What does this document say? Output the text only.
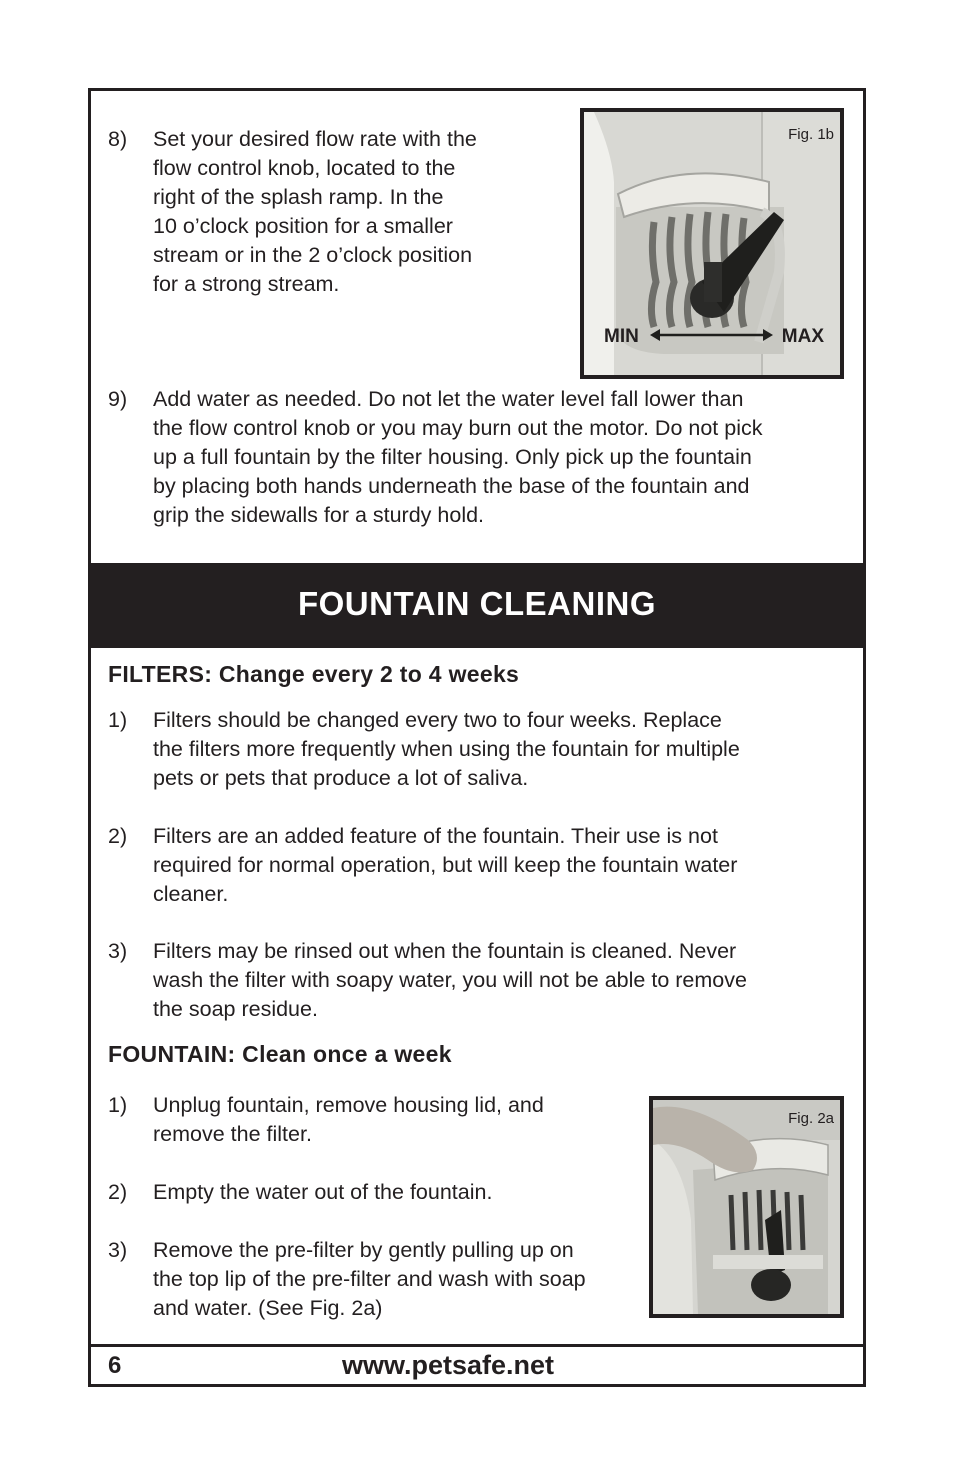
8) Set your desired flow rate with the
flow control knob, located to the
right of the splash ramp. In the
10 o’clock position for a smaller
stream or in the 2 o’clock position
for a strong stream.
Fig. 1b
MIN	MAX
9) Add water as needed. Do not let the water level fall lower than
the flow control knob or you may burn out the motor. Do not pick
up a full fountain by the filter housing. Only pick up the fountain
by placing both hands underneath the base of the fountain and
grip the sidewalls for a sturdy hold.
FOUNTAIN CLEANING
FILTERS: Change every 2 to 4 weeks
1) Filters should be changed every two to four weeks. Replace
the filters more frequently when using the fountain for multiple
pets or pets that produce a lot of saliva.
2) Filters are an added feature of the fountain. Their use is not
required for normal operation, but will keep the fountain water
cleaner.
3) Filters may be rinsed out when the fountain is cleaned. Never
wash the filter with soapy water, you will not be able to remove
the soap residue.
FOUNTAIN: Clean once a week
1) Unplug fountain, remove housing lid, and
remove the filter.
2) Empty the water out of the fountain.
3) Remove the pre-filter by gently pulling up on
the top lip of the pre-filter and wash with soap
and water. (See Fig. 2a)
Fig. 2a
6	www.petsafe.net
